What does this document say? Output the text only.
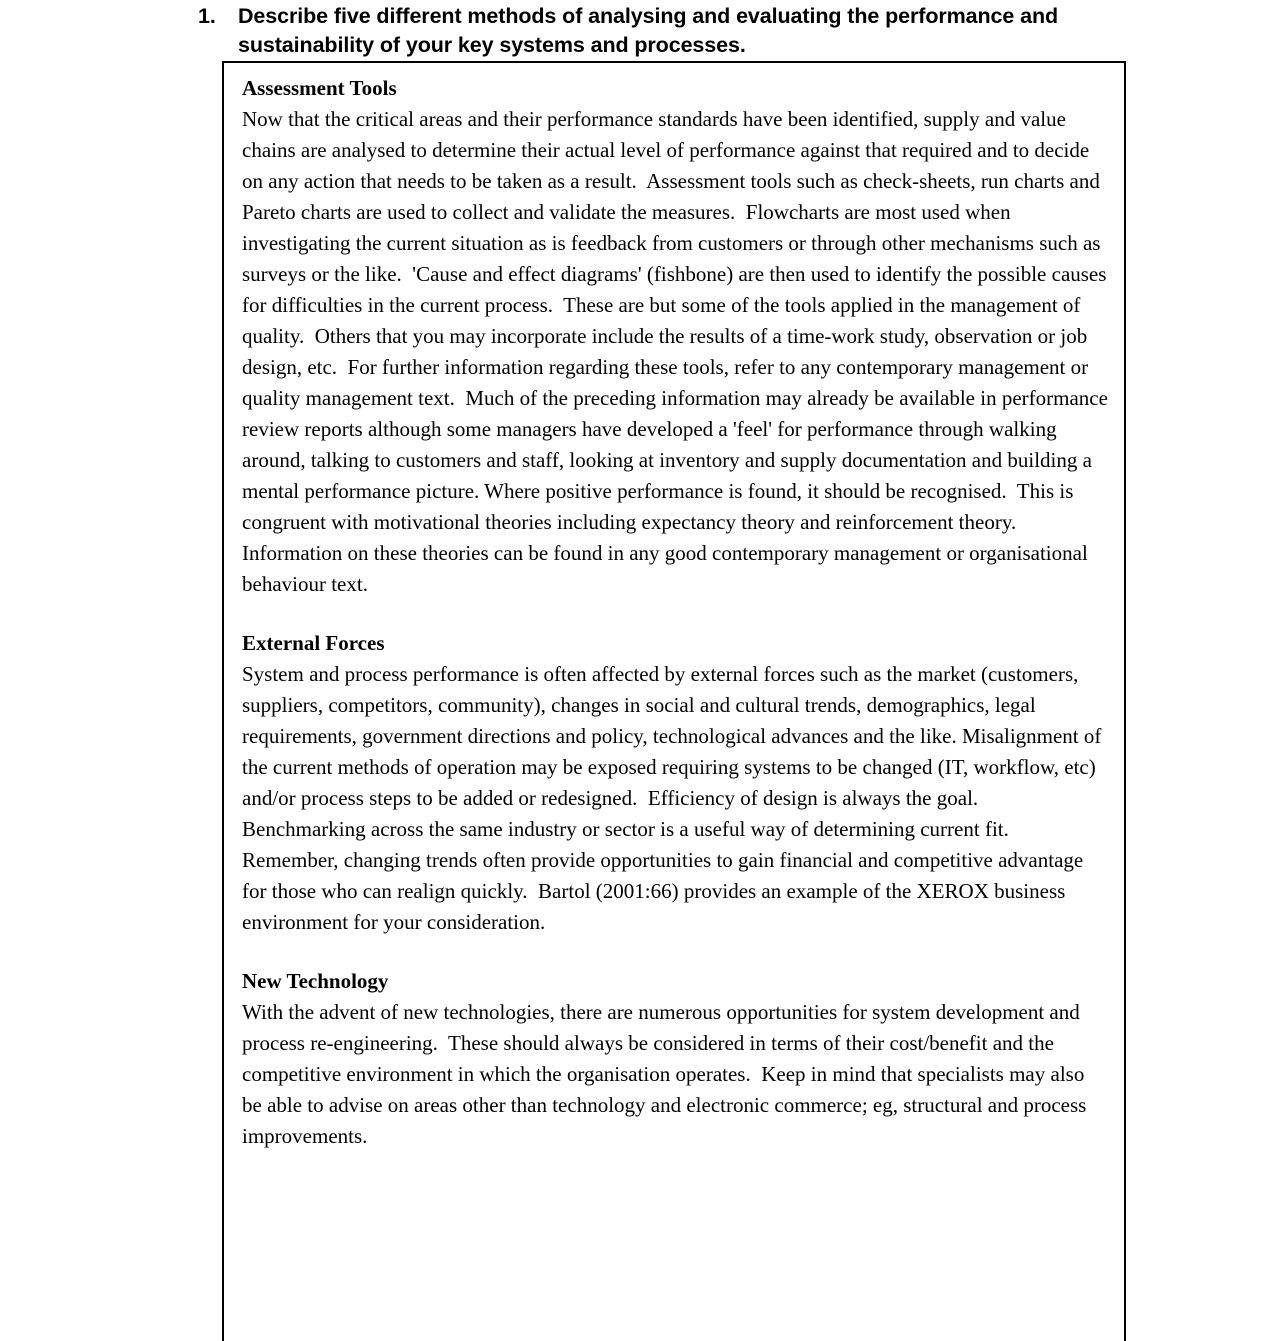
1.	Describe five different methods of analysing and evaluating the performance and sustainability of your key systems and processes.
Assessment Tools

Now that the critical areas and their performance standards have been identified, supply and value chains are analysed to determine their actual level of performance against that required and to decide on any action that needs to be taken as a result.  Assessment tools such as check-sheets, run charts and Pareto charts are used to collect and validate the measures.  Flowcharts are most used when investigating the current situation as is feedback from customers or through other mechanisms such as surveys or the like.  'Cause and effect diagrams' (fishbone) are then used to identify the possible causes for difficulties in the current process.  These are but some of the tools applied in the management of quality.  Others that you may incorporate include the results of a time-work study, observation or job design, etc.  For further information regarding these tools, refer to any contemporary management or quality management text.  Much of the preceding information may already be available in performance review reports although some managers have developed a 'feel' for performance through walking around, talking to customers and staff, looking at inventory and supply documentation and building a mental performance picture. Where positive performance is found, it should be recognised.  This is congruent with motivational theories including expectancy theory and reinforcement theory.  Information on these theories can be found in any good contemporary management or organisational behaviour text.

External Forces

System and process performance is often affected by external forces such as the market (customers, suppliers, competitors, community), changes in social and cultural trends, demographics, legal requirements, government directions and policy, technological advances and the like. Misalignment of the current methods of operation may be exposed requiring systems to be changed (IT, workflow, etc) and/or process steps to be added or redesigned.  Efficiency of design is always the goal.  Benchmarking across the same industry or sector is a useful way of determining current fit.  Remember, changing trends often provide opportunities to gain financial and competitive advantage for those who can realign quickly.  Bartol (2001:66) provides an example of the XEROX business environment for your consideration.

New Technology

With the advent of new technologies, there are numerous opportunities for system development and process re-engineering.  These should always be considered in terms of their cost/benefit and the competitive environment in which the organisation operates.  Keep in mind that specialists may also be able to advise on areas other than technology and electronic commerce; eg, structural and process improvements.
